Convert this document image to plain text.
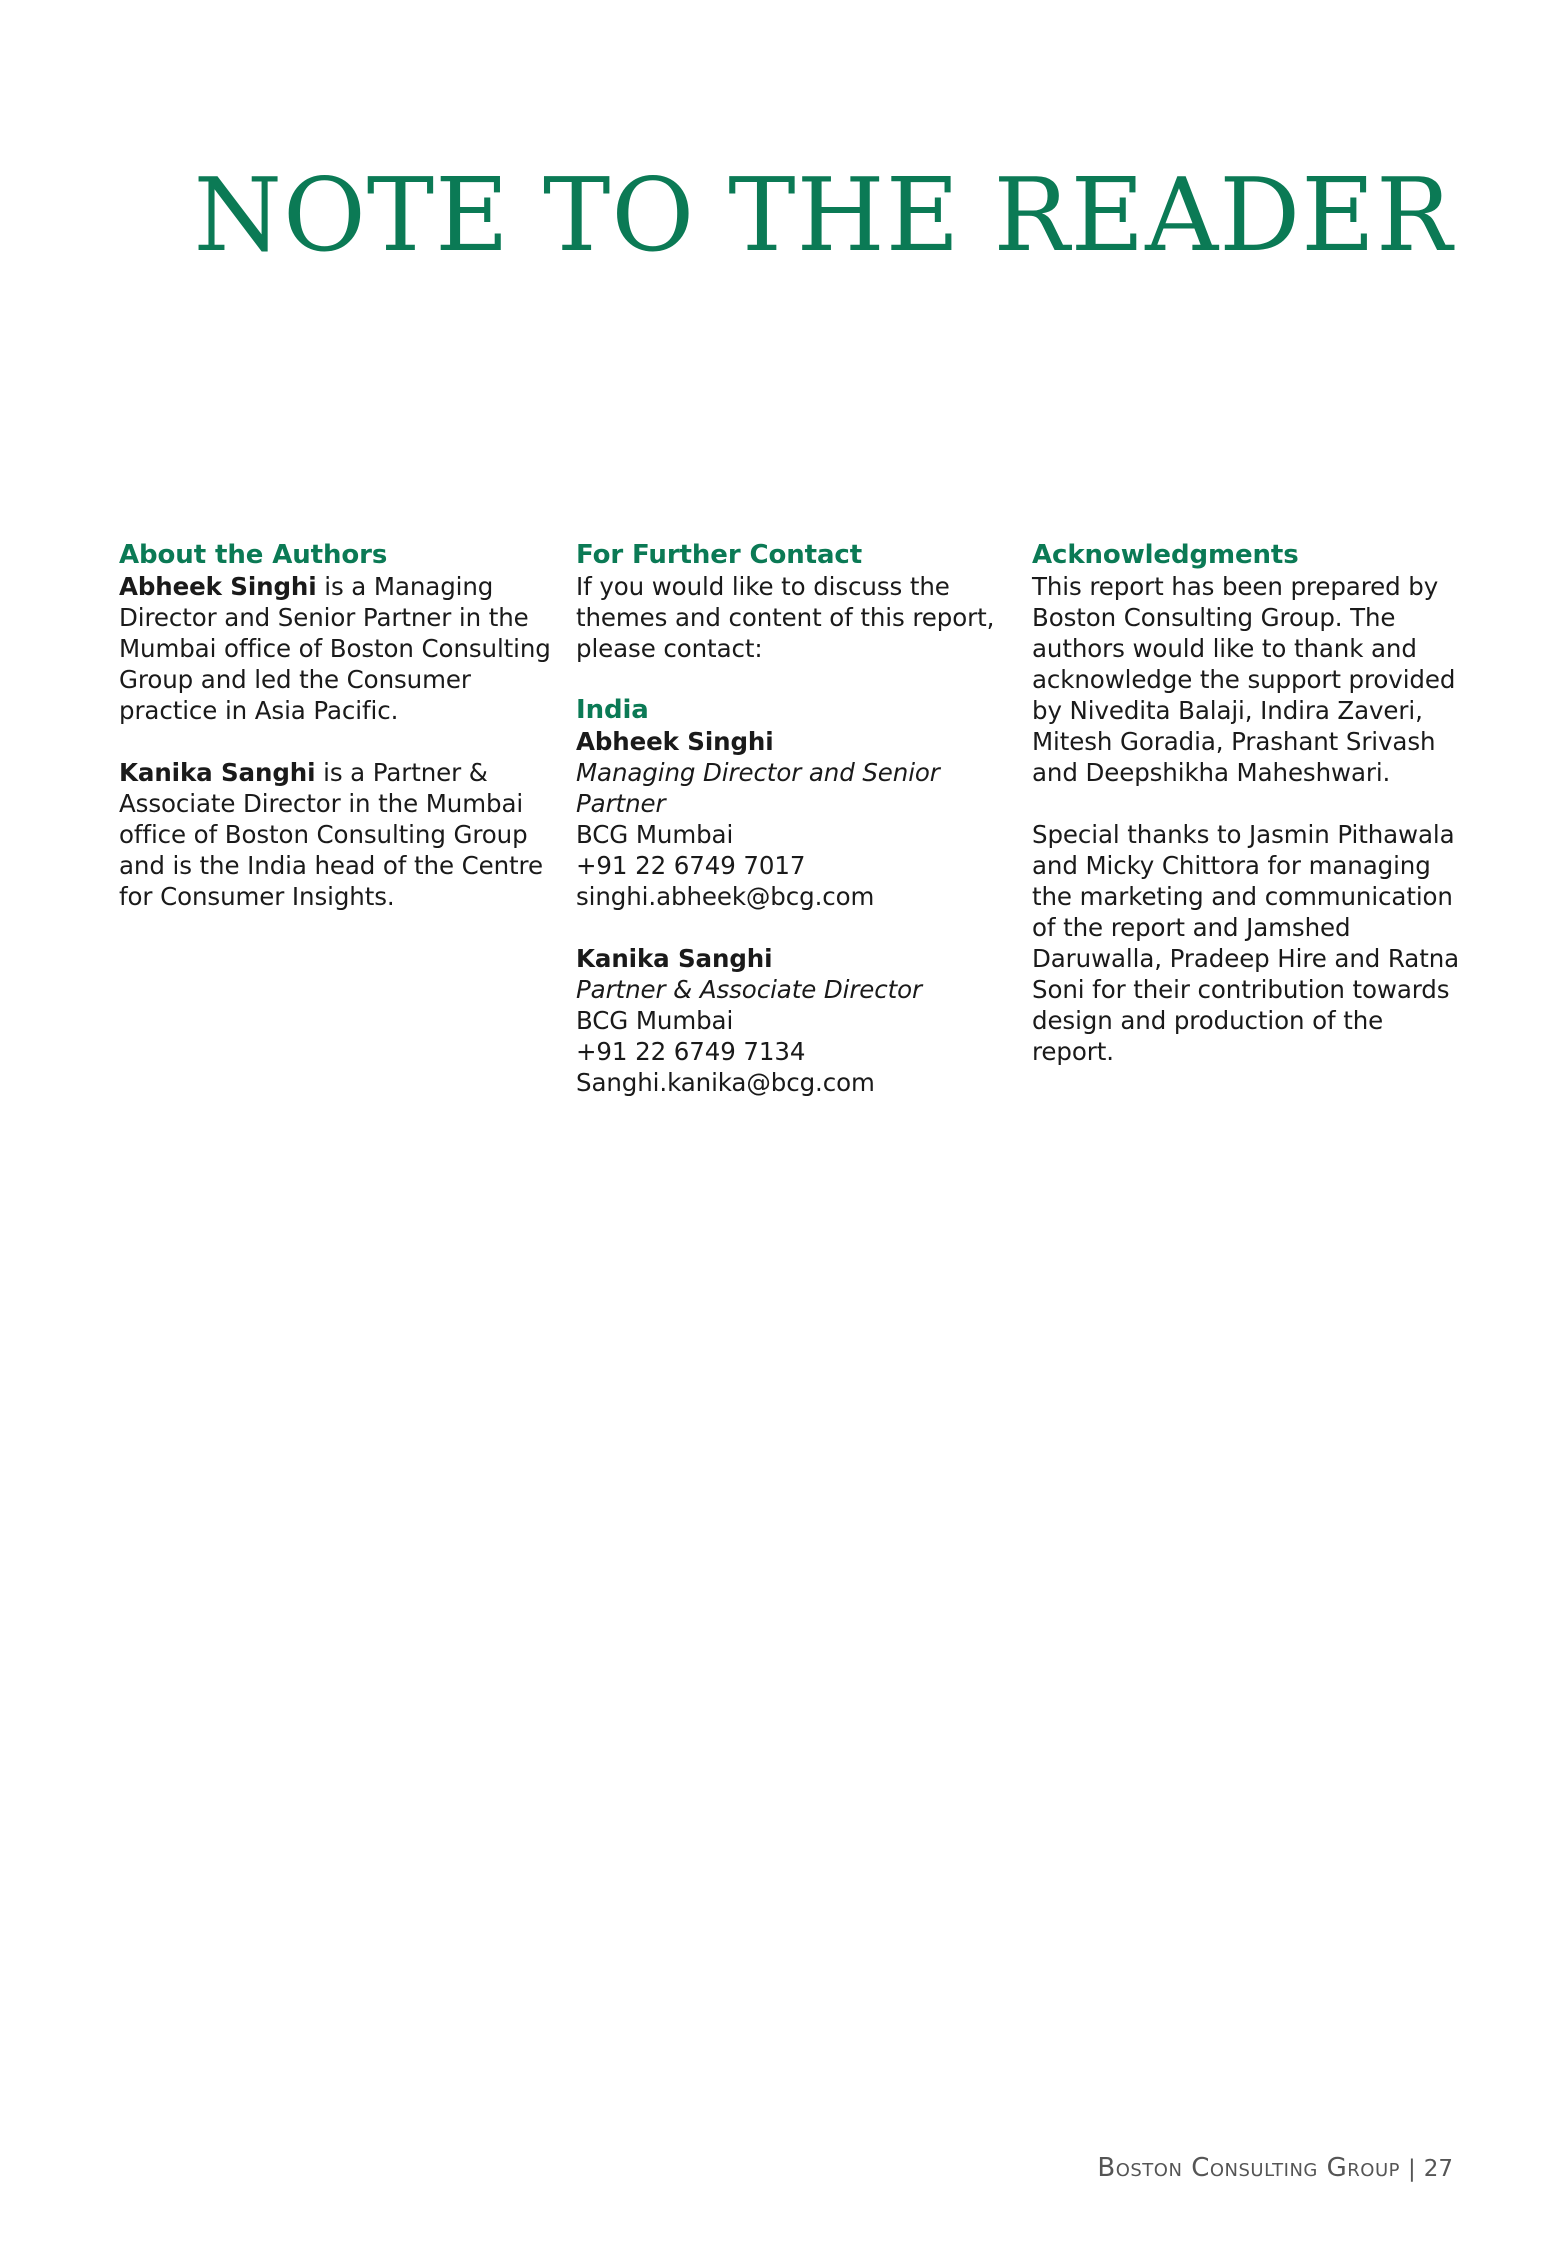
NOTE TO THE READER
About the Authors

Abheek Singhi is a Managing Director and Senior Partner in the Mumbai office of Boston Consulting Group and led the Consumer practice in Asia Pacific.

Kanika Sanghi is a Partner & Associate Director in the Mumbai office of Boston Consulting Group and is the India head of the Centre for Consumer Insights.

For Further Contact

If you would like to discuss the themes and content of this report, please contact:

India
Abheek Singhi
Managing Director and Senior Partner
BCG Mumbai
+91 22 6749 7017
singhi.abheek@bcg.com
Kanika Sanghi
Partner & Associate Director
BCG Mumbai
+91 22 6749 7134
Sanghi.kanika@bcg.com
Acknowledgments

This report has been prepared by Boston Consulting Group. The authors would like to thank and acknowledge the support provided by Nivedita Balaji, Indira Zaveri, Mitesh Goradia, Prashant Srivash and Deepshikha Maheshwari.

Special thanks to Jasmin Pithawala and Micky Chittora for managing the marketing and communication of the report and Jamshed Daruwalla, Pradeep Hire and Ratna Soni for their contribution towards design and production of the report.

Boston Consulting Group | 27
